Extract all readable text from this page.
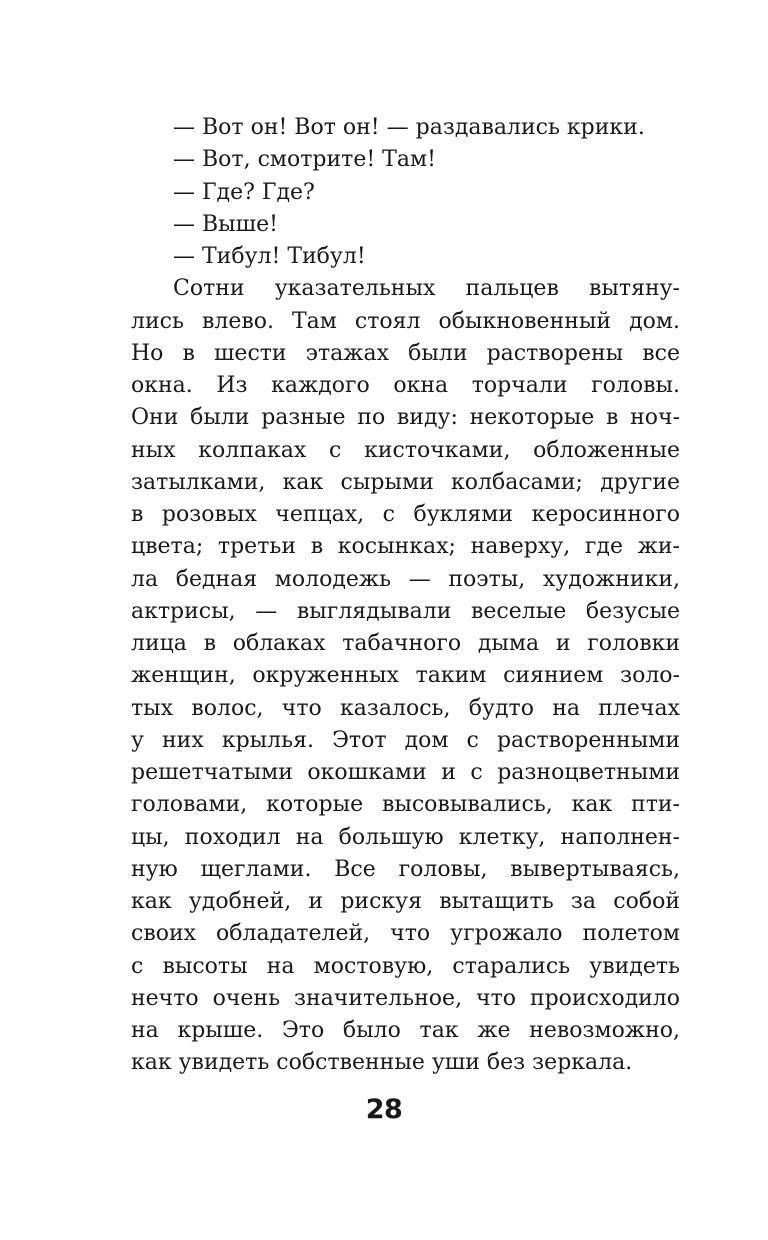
— Вот он! Вот он! — раздавались крики.
— Вот, смотрите! Там!
— Где? Где?
— Выше!
— Тибул! Тибул!
Сотни указательных пальцев вытяну-
лись влево. Там стоял обыкновенный дом.
Но в шести этажах были растворены все
окна. Из каждого окна торчали головы.
Они были разные по виду: некоторые в ноч-
ных колпаках с кисточками, обложенные
затылками, как сырыми колбасами; другие
в розовых чепцах, с буклями керосинного
цвета; третьи в косынках; наверху, где жи-
ла бедная молодежь — поэты, художники,
актрисы, — выглядывали веселые безусые
лица в облаках табачного дыма и головки
женщин, окруженных таким сиянием золо-
тых волос, что казалось, будто на плечах
у них крылья. Этот дом с растворенными
решетчатыми окошками и с разноцветными
головами, которые высовывались, как пти-
цы, походил на большую клетку, наполнен-
ную щеглами. Все головы, вывертываясь,
как удобней, и рискуя вытащить за собой
своих обладателей, что угрожало полетом
с высоты на мостовую, старались увидеть
нечто очень значительное, что происходило
на крыше. Это было так же невозможно,
как увидеть собственные уши без зеркала.
28
